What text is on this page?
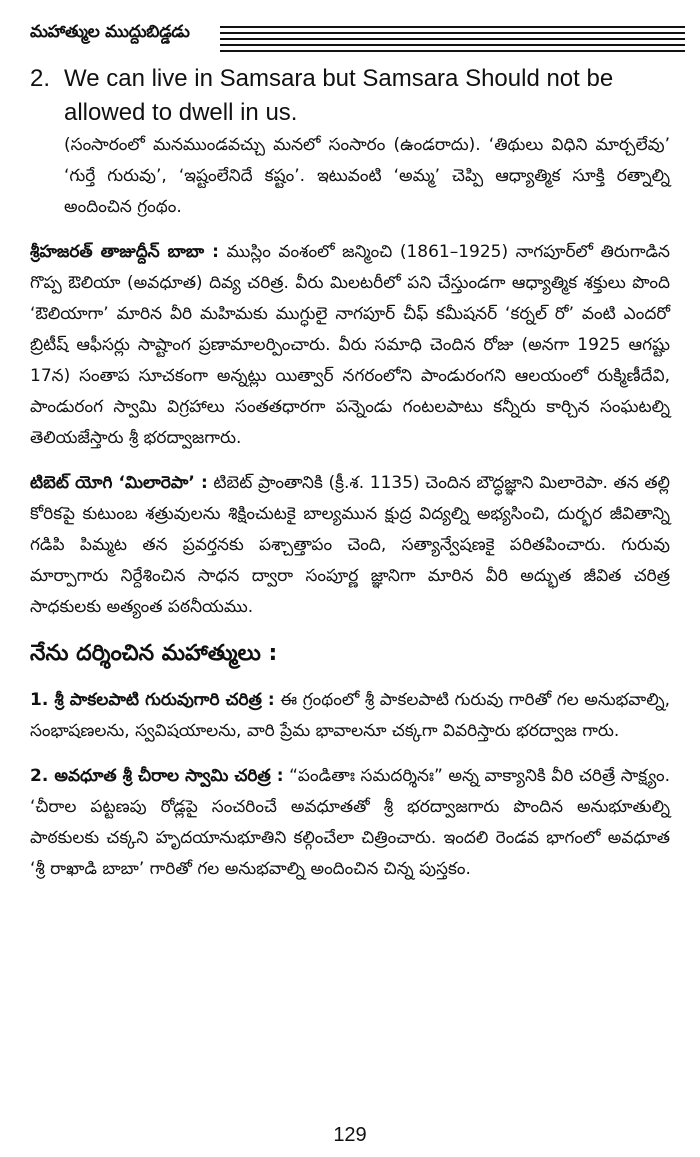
మహాత్ముల ముద్దుబిడ్డడు

2. We can live in Samsara but Samsara Should not be allowed to dwell in us.

(సంసారంలో మనముండవచ్చు మనలో సంసారం (ఉండరాదు). ‘తిథులు విధిని మార్చలేవు’ ‘గుర్తే గురువు’, ‘ఇష్టంలేనిదే కష్టం’. ఇటువంటి ‘అమ్మ’ చెప్పి ఆధ్యాత్మిక సూక్తి రత్నాల్ని అందించిన గ్రంథం.

శ్రీహజరత్ తాజుద్దీన్ బాబా : ముస్లిం వంశంలో జన్మించి (1861–1925) నాగపూర్‌లో తిరుగాడిన గొప్ప ఔలియా (అవధూత) దివ్య చరిత్ర. వీరు మిలటరీలో పని చేస్తుండగా ఆధ్యాత్మిక శక్తులు పొంది ‘ఔలియాగా’ మారిన వీరి మహిమకు ముగ్ధులై నాగపూర్ చీఫ్ కమీషనర్ ‘కర్నల్ రో’ వంటి ఎందరో బ్రిటీష్ ఆఫీసర్లు సాష్టాంగ ప్రణామాలర్పించారు. వీరు సమాధి చెందిన రోజు (అనగా 1925 ఆగష్టు 17న) సంతాప సూచకంగా అన్నట్లు యిత్వార్ నగరంలోని పాండురంగని ఆలయంలో రుక్మిణీదేవి, పాండురంగ స్వామి విగ్రహాలు సంతతధారగా పన్నెండు గంటలపాటు కన్నీరు కార్చిన సంఘటల్ని తెలియజేస్తారు శ్రీ భరద్వాజగారు.

టిబెట్ యోగి ‘మిలారెపా’ : టిబెట్ ప్రాంతానికి (క్రీ.శ. 1135) చెందిన బౌద్ధజ్ఞాని మిలారెపా. తన తల్లి కోరికపై కుటుంబ శత్రువులను శిక్షించుటకై బాల్యమున క్షుద్ర విద్యల్ని అభ్యసించి, దుర్భర జీవితాన్ని గడిపి పిమ్మట తన ప్రవర్తనకు పశ్చాత్తాపం చెంది, సత్యాన్వేషణకై పరితపించారు. గురువు మార్పాగారు నిర్దేశించిన సాధన ద్వారా సంపూర్ణ జ్ఞానిగా మారిన వీరి అద్భుత జీవిత చరిత్ర సాధకులకు అత్యంత పఠనీయము.

నేను దర్శించిన మహాత్ములు :

1. శ్రీ పాకలపాటి గురువుగారి చరిత్ర : ఈ గ్రంథంలో శ్రీ పాకలపాటి గురువు గారితో గల అనుభవాల్ని, సంభాషణలను, స్వవిషయాలను, వారి ప్రేమ భావాలనూ చక్కగా వివరిస్తారు భరద్వాజ గారు.

2. అవధూత శ్రీ చీరాల స్వామి చరిత్ర : “పండితాః సమదర్శినః” అన్న వాక్యానికి వీరి చరిత్రే సాక్ష్యం. ‘చీరాల పట్టణపు రోడ్లపై సంచరించే అవధూతతో శ్రీ భరద్వాజగారు పొందిన అనుభూతుల్ని పాఠకులకు చక్కని హృదయానుభూతిని కల్గించేలా చిత్రించారు. ఇందలి రెండవ భాగంలో అవధూత ‘శ్రీ రాఖాడి బాబా’ గారితో గల అనుభవాల్ని అందించిన చిన్న పుస్తకం.

129
